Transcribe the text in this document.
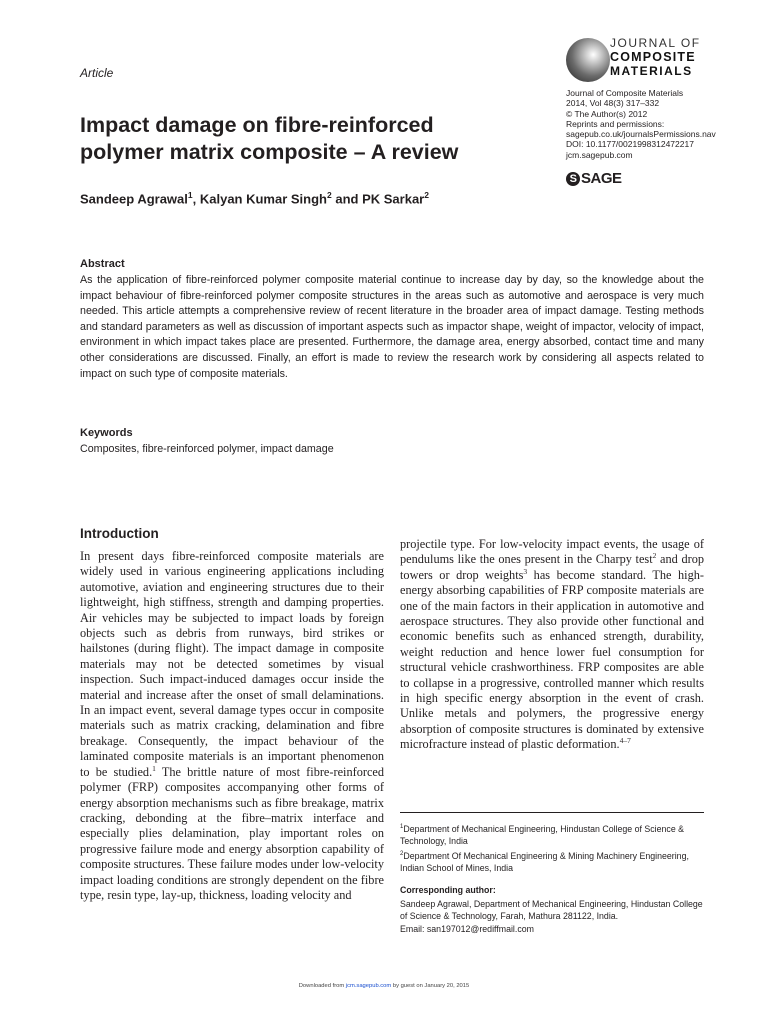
Article
JOURNAL OF
COMPOSITE
MATERIALS
Journal of Composite Materials
2014, Vol 48(3) 317–332
© The Author(s) 2012
Reprints and permissions:
sagepub.co.uk/journalsPermissions.nav
DOI: 10.1177/0021998312472217
jcm.sagepub.com
S SAGE
Impact damage on fibre-reinforced
polymer matrix composite – A review
Sandeep Agrawal$^1$, Kalyan Kumar Singh$^2$ and PK Sarkar$^2$
Abstract
As the application of fibre-reinforced polymer composite material continue to increase day by day, so the knowledge about the impact behaviour of fibre-reinforced polymer composite structures in the areas such as automotive and aerospace is very much needed. This article attempts a comprehensive review of recent literature in the broader area of impact damage. Testing methods and standard parameters as well as discussion of important aspects such as impactor shape, weight of impactor, velocity of impact, environment in which impact takes place are presented. Furthermore, the damage area, energy absorbed, contact time and many other considerations are discussed. Finally, an effort is made to review the research work by considering all aspects related to impact on such type of composite materials.
Keywords
Composites, fibre-reinforced polymer, impact damage
Introduction
In present days fibre-reinforced composite materials are widely used in various engineering applications including automotive, aviation and engineering structures due to their lightweight, high stiffness, strength and damping properties. Air vehicles may be subjected to impact loads by foreign objects such as debris from runways, bird strikes or hailstones (during flight). The impact damage in composite materials may not be detected sometimes by visual inspection. Such impact-induced damages occur inside the material and increase after the onset of small delaminations. In an impact event, several damage types occur in composite materials such as matrix cracking, delamination and fibre breakage. Consequently, the impact behaviour of the laminated composite materials is an important phenomenon to be studied.$^1$ The brittle nature of most fibre-reinforced polymer (FRP) composites accompanying other forms of energy absorption mechanisms such as fibre breakage, matrix cracking, debonding at the fibre–matrix interface and especially plies delamination, play important roles on progressive failure mode and energy absorption capability of composite structures. These failure modes under low-velocity impact loading conditions are strongly dependent on the fibre type, resin type, lay-up, thickness, loading velocity and
projectile type. For low-velocity impact events, the usage of pendulums like the ones present in the Charpy test$^2$ and drop towers or drop weights$^3$ has become standard. The high-energy absorbing capabilities of FRP composite materials are one of the main factors in their application in automotive and aerospace structures. They also provide other functional and economic benefits such as enhanced strength, durability, weight reduction and hence lower fuel consumption for structural vehicle crashworthiness. FRP composites are able to collapse in a progressive, controlled manner which results in high specific energy absorption in the event of crash. Unlike metals and polymers, the progressive energy absorption of composite structures is dominated by extensive microfracture instead of plastic deformation.$^{4-7}$
$^1$Department of Mechanical Engineering, Hindustan College of Science & Technology, India
$^2$Department Of Mechanical Engineering & Mining Machinery Engineering, Indian School of Mines, India
Corresponding author:
Sandeep Agrawal, Department of Mechanical Engineering, Hindustan College of Science & Technology, Farah, Mathura 281122, India.
Email: san197012@rediffmail.com
Downloaded from jcm.sagepub.com by guest on January 20, 2015
